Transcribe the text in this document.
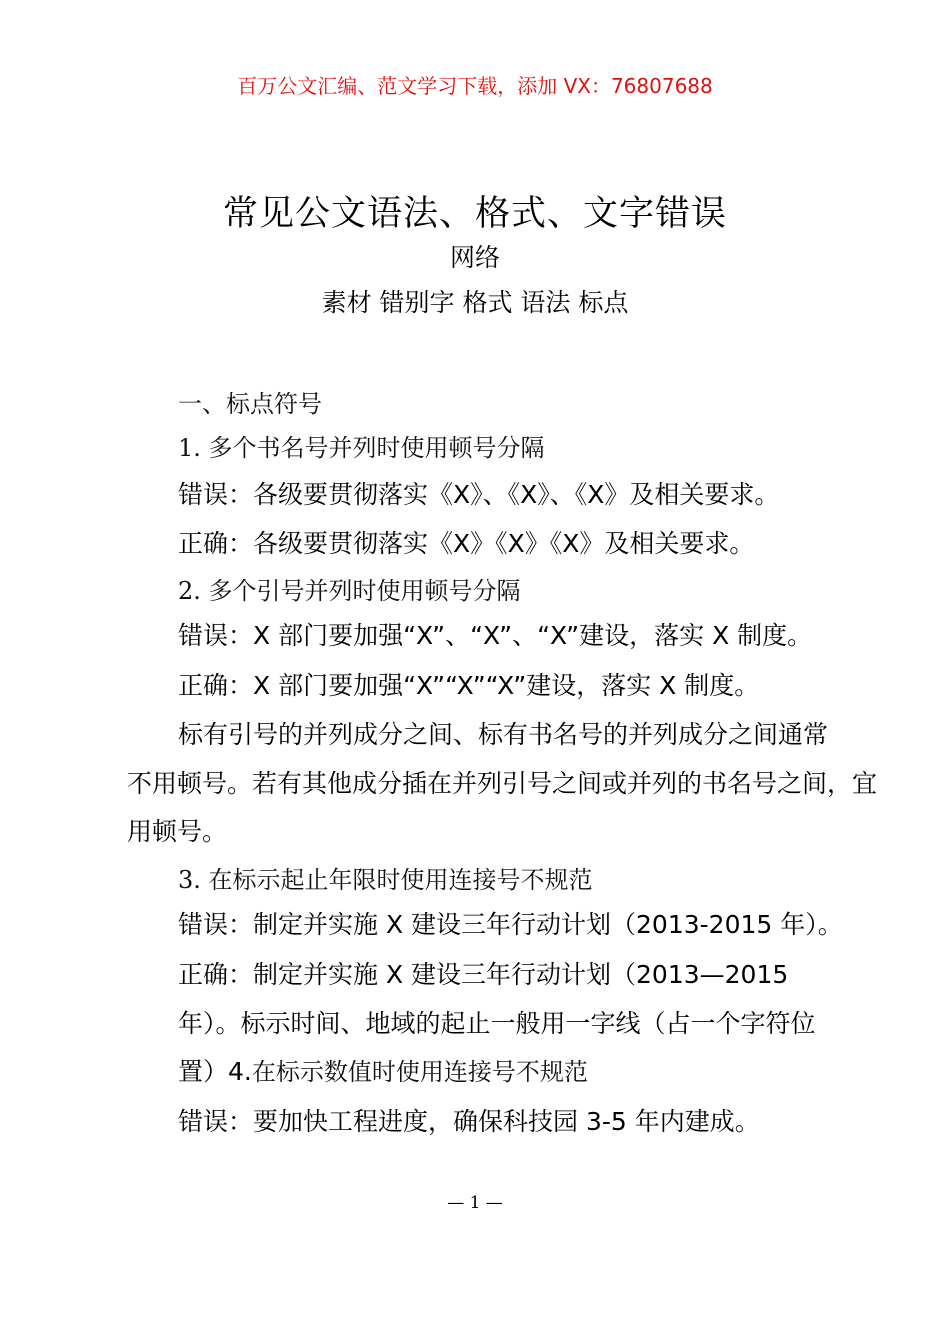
百万公文汇编、范文学习下载，添加 VX：76807688
常见公文语法、格式、文字错误
网络
素材 错别字 格式 语法 标点
一、标点符号
1. 多个书名号并列时使用顿号分隔
错误：各级要贯彻落实《X》、《X》、《X》及相关要求。
正确：各级要贯彻落实《X》《X》《X》及相关要求。
2. 多个引号并列时使用顿号分隔
错误：X 部门要加强“X”、“X”、“X”建设，落实 X 制度。
正确：X 部门要加强“X”“X”“X”建设，落实 X 制度。
标有引号的并列成分之间、标有书名号的并列成分之间通常
不用顿号。若有其他成分插在并列引号之间或并列的书名号之间，宜
用顿号。
3. 在标示起止年限时使用连接号不规范
错误：制定并实施 X 建设三年行动计划（2013-2015 年）。
正确：制定并实施 X 建设三年行动计划（2013—2015
年）。标示时间、地域的起止一般用一字线（占一个字符位
置）4.在标示数值时使用连接号不规范
错误：要加快工程进度，确保科技园 3-5 年内建成。
— 1 —
